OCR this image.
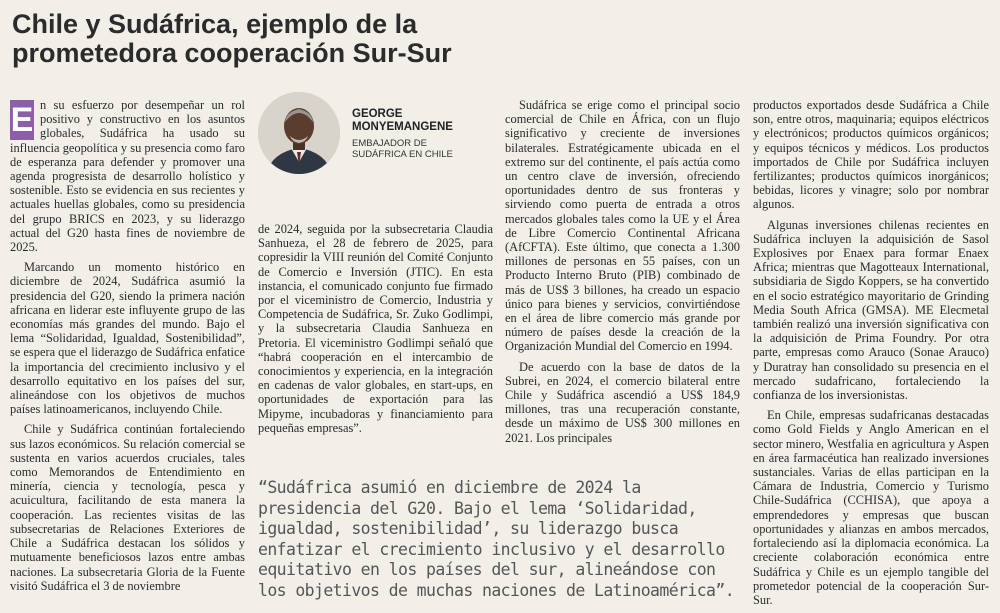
Chile y Sudáfrica, ejemplo de la prometedora cooperación Sur-Sur
GEORGE
MONYEMANGENE
EMBAJADOR DE
SUDÁFRICA EN CHILE

E n su esfuerzo por desempeñar un rol positivo y constructivo en los asuntos globales, Sudáfrica ha usado su influencia geopolítica y su presencia como faro de esperanza para defender y promover una agenda progresista de desarrollo holístico y sostenible. Esto se evidencia en sus recientes y actuales huellas globales, como su presidencia del grupo BRICS en 2023, y su liderazgo actual del G20 hasta fines de noviembre de 2025.

Marcando un momento histórico en diciembre de 2024, Sudáfrica asumió la presidencia del G20, siendo la primera nación africana en liderar este influyente grupo de las economías más grandes del mundo. Bajo el lema “Solidaridad, Igualdad, Sostenibilidad”, se espera que el liderazgo de Sudáfrica enfatice la importancia del crecimiento inclusivo y el desarrollo equitativo en los países del sur, alineándose con los objetivos de muchos países latinoamericanos, incluyendo Chile.

Chile y Sudáfrica continúan fortaleciendo sus lazos económicos. Su relación comercial se sustenta en varios acuerdos cruciales, tales como Memorandos de Entendimiento en minería, ciencia y tecnología, pesca y acuicultura, facilitando de esta manera la cooperación. Las recientes visitas de las subsecretarias de Relaciones Exteriores de Chile a Sudáfrica destacan los sólidos y mutuamente beneficiosos lazos entre ambas naciones. La subsecretaria Gloria de la Fuente visitó Sudáfrica el 3 de noviembre

de 2024, seguida por la subsecretaria Claudia Sanhueza, el 28 de febrero de 2025, para copresidir la VIII reunión del Comité Conjunto de Comercio e Inversión (JTIC). En esta instancia, el comunicado conjunto fue firmado por el viceministro de Comercio, Industria y Competencia de Sudáfrica, Sr. Zuko Godlimpi, y la subsecretaria Claudia Sanhueza en Pretoria. El viceministro Godlimpi señaló que “habrá cooperación en el intercambio de conocimientos y experiencia, en la integración en cadenas de valor globales, en start-ups, en oportunidades de exportación para las Mipyme, incubadoras y financiamiento para pequeñas empresas”.

Sudáfrica se erige como el principal socio comercial de Chile en África, con un flujo significativo y creciente de inversiones bilaterales. Estratégicamente ubicada en el extremo sur del continente, el país actúa como un centro clave de inversión, ofreciendo oportunidades dentro de sus fronteras y sirviendo como puerta de entrada a otros mercados globales tales como la UE y el Área de Libre Comercio Continental Africana (AfCFTA). Este último, que conecta a 1.300 millones de personas en 55 países, con un Producto Interno Bruto (PIB) combinado de más de US$ 3 billones, ha creado un espacio único para bienes y servicios, convirtiéndose en el área de libre comercio más grande por número de países desde la creación de la Organización Mundial del Comercio en 1994.

De acuerdo con la base de datos de la Subrei, en 2024, el comercio bilateral entre Chile y Sudáfrica ascendió a US$ 184,9 millones, tras una recuperación constante, desde un máximo de US$ 300 millones en 2021. Los principales

productos exportados desde Sudáfrica a Chile son, entre otros, maquinaria; equipos eléctricos y electrónicos; productos químicos orgánicos; y equipos técnicos y médicos. Los productos importados de Chile por Sudáfrica incluyen fertilizantes; productos químicos inorgánicos; bebidas, licores y vinagre; solo por nombrar algunos.

Algunas inversiones chilenas recientes en Sudáfrica incluyen la adquisición de Sasol Explosives por Enaex para formar Enaex Africa; mientras que Magotteaux International, subsidiaria de Sigdo Koppers, se ha convertido en el socio estratégico mayoritario de Grinding Media South Africa (GMSA). ME Elecmetal también realizó una inversión significativa con la adquisición de Prima Foundry. Por otra parte, empresas como Arauco (Sonae Arauco) y Duratray han consolidado su presencia en el mercado sudafricano, fortaleciendo la confianza de los inversionistas.

En Chile, empresas sudafricanas destacadas como Gold Fields y Anglo American en el sector minero, Westfalia en agricultura y Aspen en área farmacéutica han realizado inversiones sustanciales. Varias de ellas participan en la Cámara de Industria, Comercio y Turismo Chile-Sudáfrica (CCHISA), que apoya a emprendedores y empresas que buscan oportunidades y alianzas en ambos mercados, fortaleciendo así la diplomacia económica. La creciente colaboración económica entre Sudáfrica y Chile es un ejemplo tangible del prometedor potencial de la cooperación Sur-Sur.

“Sudáfrica asumió en diciembre de 2024 la presidencia del G20. Bajo el lema ‘Solidaridad, igualdad, sostenibilidad’, su liderazgo busca enfatizar el crecimiento inclusivo y el desarrollo equitativo en los países del sur, alineándose con los objetivos de muchas naciones de Latinoamérica”.
